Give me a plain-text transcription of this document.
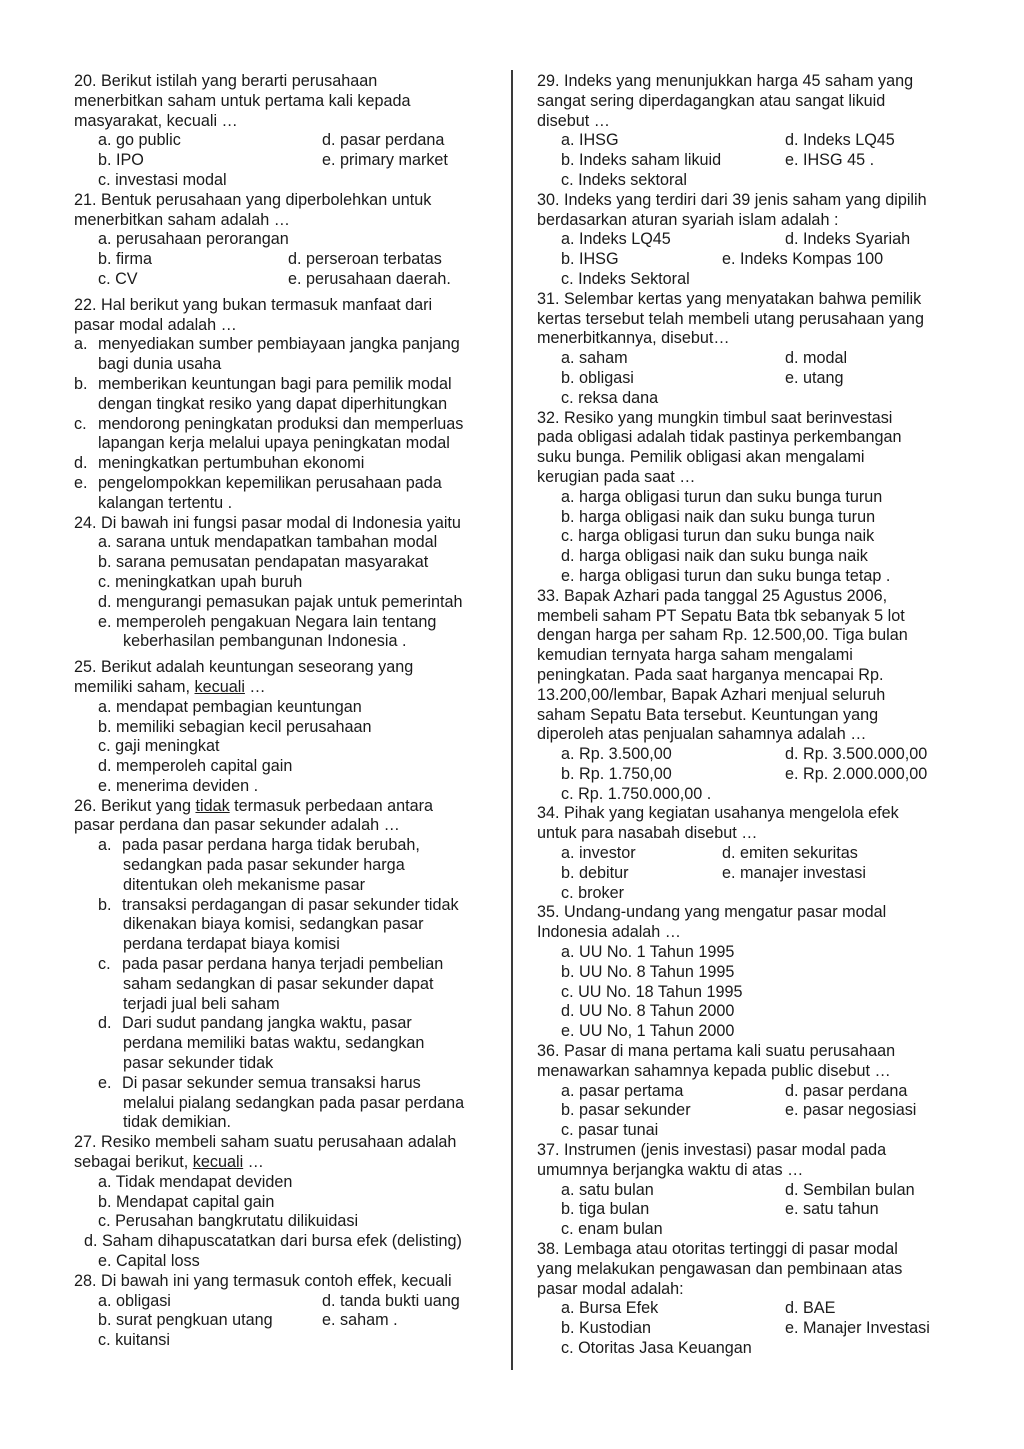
20. Berikut istilah yang berarti perusahaan
menerbitkan saham untuk pertama kali kepada
masyarakat, kecuali …
a. go public	d. pasar perdana
b. IPO	e. primary market
c. investasi modal
21. Bentuk perusahaan yang diperbolehkan untuk
menerbitkan saham adalah …
a. perusahaan perorangan
b. firma	d. perseroan terbatas
c. CV	e. perusahaan daerah.
22. Hal berikut yang bukan termasuk manfaat dari
pasar modal adalah …
a. menyediakan sumber pembiayaan jangka panjang
bagi dunia usaha
b. memberikan keuntungan bagi para pemilik modal
dengan tingkat resiko yang dapat diperhitungkan
c. mendorong peningkatan produksi dan memperluas
lapangan kerja melalui upaya peningkatan modal
d. meningkatkan pertumbuhan ekonomi
e. pengelompokkan kepemilikan perusahaan pada
kalangan tertentu .
24. Di bawah ini fungsi pasar modal di Indonesia yaitu
a. sarana untuk mendapatkan tambahan modal
b. sarana pemusatan pendapatan masyarakat
c. meningkatkan upah buruh
d. mengurangi pemasukan pajak untuk pemerintah
e. memperoleh pengakuan Negara lain tentang
keberhasilan pembangunan Indonesia .
25. Berikut adalah keuntungan seseorang yang
memiliki saham, kecuali …
a. mendapat pembagian keuntungan
b. memiliki sebagian kecil perusahaan
c. gaji meningkat
d. memperoleh capital gain
e. menerima deviden .
26. Berikut yang tidak termasuk perbedaan antara
pasar perdana dan pasar sekunder adalah …
a. pada pasar perdana harga tidak berubah,
sedangkan pada pasar sekunder harga
ditentukan oleh mekanisme pasar
b. transaksi perdagangan di pasar sekunder tidak
dikenakan biaya komisi, sedangkan pasar
perdana terdapat biaya komisi
c. pada pasar perdana hanya terjadi pembelian
saham sedangkan di pasar sekunder dapat
terjadi jual beli saham
d. Dari sudut pandang jangka waktu, pasar
perdana memiliki batas waktu, sedangkan
pasar sekunder tidak
e. Di pasar sekunder semua transaksi harus
melalui pialang sedangkan pada pasar perdana
tidak demikian.
27. Resiko membeli saham suatu perusahaan adalah
sebagai berikut, kecuali …
a. Tidak mendapat deviden
b. Mendapat capital gain
c. Perusahan bangkrutatu dilikuidasi
d. Saham dihapuscatatkan dari bursa efek (delisting)
e. Capital loss
28. Di bawah ini yang termasuk contoh effek, kecuali
a. obligasi	d. tanda bukti uang
b. surat pengkuan utang	e. saham .
c. kuitansi
29. Indeks yang menunjukkan harga 45 saham yang
sangat sering diperdagangkan atau sangat likuid
disebut …
a. IHSG	d. Indeks LQ45
b. Indeks saham likuid	e. IHSG 45 .
c. Indeks sektoral
30. Indeks yang terdiri dari 39 jenis saham yang dipilih
berdasarkan aturan syariah islam adalah :
a. Indeks LQ45	d. Indeks Syariah
b. IHSG	e. Indeks Kompas 100
c. Indeks Sektoral
31. Selembar kertas yang menyatakan bahwa pemilik
kertas tersebut telah membeli utang perusahaan yang
menerbitkannya, disebut…
a. saham	d. modal
b. obligasi	e. utang
c. reksa dana
32. Resiko yang mungkin timbul saat berinvestasi
pada obligasi adalah tidak pastinya perkembangan
suku bunga. Pemilik obligasi akan mengalami
kerugian pada saat …
a. harga obligasi turun dan suku bunga turun
b. harga obligasi naik dan suku bunga turun
c. harga obligasi turun dan suku bunga naik
d. harga obligasi naik dan suku bunga naik
e. harga obligasi turun dan suku bunga tetap .
33. Bapak Azhari pada tanggal 25 Agustus 2006,
membeli saham PT Sepatu Bata tbk sebanyak 5 lot
dengan harga per saham Rp. 12.500,00. Tiga bulan
kemudian ternyata harga saham mengalami
peningkatan. Pada saat harganya mencapai Rp.
13.200,00/lembar, Bapak Azhari menjual seluruh
saham Sepatu Bata tersebut. Keuntungan yang
diperoleh atas penjualan sahamnya adalah …
a. Rp. 3.500,00	d. Rp. 3.500.000,00
b. Rp. 1.750,00	e. Rp. 2.000.000,00
c. Rp. 1.750.000,00 .
34. Pihak yang kegiatan usahanya mengelola efek
untuk para nasabah disebut …
a. investor	d. emiten sekuritas
b. debitur	e. manajer investasi
c. broker
35. Undang-undang yang mengatur pasar modal
Indonesia adalah …
a. UU No. 1 Tahun 1995
b. UU No. 8 Tahun 1995
c. UU No. 18 Tahun 1995
d. UU No. 8 Tahun 2000
e. UU No, 1 Tahun 2000
36. Pasar di mana pertama kali suatu perusahaan
menawarkan sahamnya kepada public disebut …
a. pasar pertama	d. pasar perdana
b. pasar sekunder	e. pasar negosiasi
c. pasar tunai
37. Instrumen (jenis investasi) pasar modal pada
umumnya berjangka waktu di atas …
a. satu bulan	d. Sembilan bulan
b. tiga bulan	e. satu tahun
c. enam bulan
38. Lembaga atau otoritas tertinggi di pasar modal
yang melakukan pengawasan dan pembinaan atas
pasar modal adalah:
a. Bursa Efek	d. BAE
b. Kustodian	e. Manajer Investasi
c. Otoritas Jasa Keuangan
